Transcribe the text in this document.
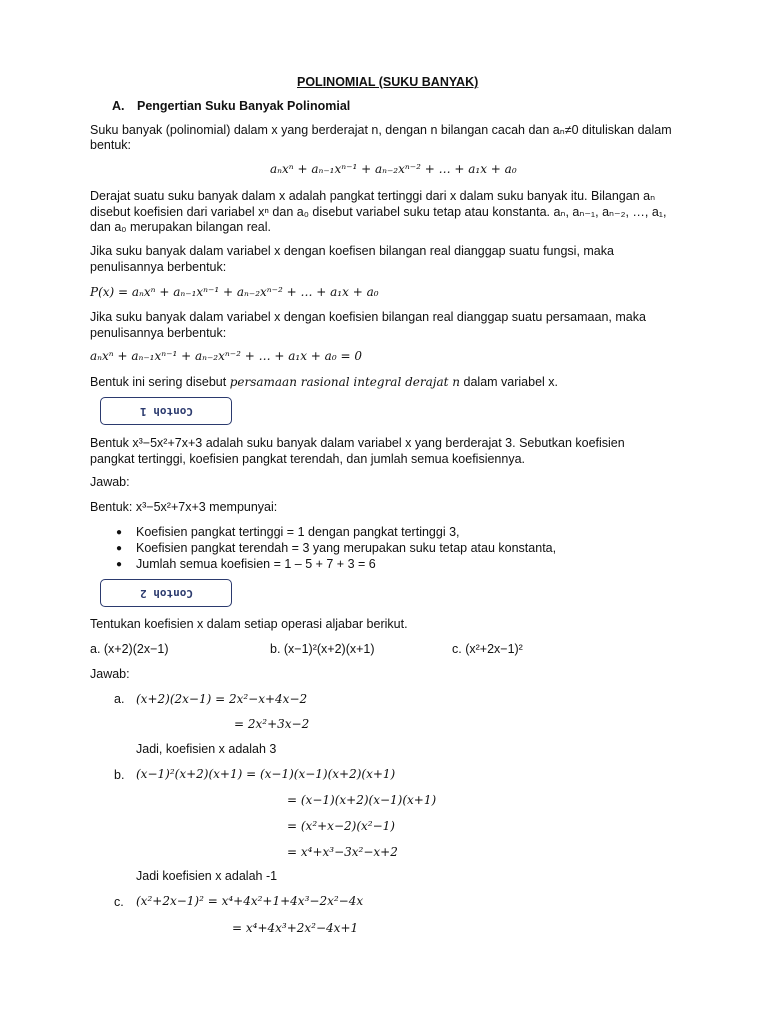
POLINOMIAL (SUKU BANYAK)
A. Pengertian Suku Banyak Polinomial
Suku banyak (polinomial) dalam x yang berderajat n, dengan n bilangan cacah dan aₙ≠0 dituliskan dalam
bentuk:
aₙxⁿ + aₙ₋₁xⁿ⁻¹ + aₙ₋₂xⁿ⁻² + … + a₁x + a₀
Derajat suatu suku banyak dalam x adalah pangkat tertinggi dari x dalam suku banyak itu. Bilangan aₙ
disebut koefisien dari variabel xⁿ dan a₀ disebut variabel suku tetap atau konstanta. aₙ, aₙ₋₁, aₙ₋₂, …, a₁,
dan a₀ merupakan bilangan real.
Jika suku banyak dalam variabel x dengan koefisen bilangan real dianggap suatu fungsi, maka
penulisannya berbentuk:
P(x) = aₙxⁿ + aₙ₋₁xⁿ⁻¹ + aₙ₋₂xⁿ⁻² + … + a₁x + a₀
Jika suku banyak dalam variabel x dengan koefisien bilangan real dianggap suatu persamaan, maka
penulisannya berbentuk:
aₙxⁿ + aₙ₋₁xⁿ⁻¹ + aₙ₋₂xⁿ⁻² + … + a₁x + a₀ = 0
Bentuk ini sering disebut persamaan rasional integral derajat n dalam variabel x.
Contoh 1
Bentuk x³−5x²+7x+3 adalah suku banyak dalam variabel x yang berderajat 3. Sebutkan koefisien
pangkat tertinggi, koefisien pangkat terendah, dan jumlah semua koefisiennya.
Jawab:
Bentuk: x³−5x²+7x+3 mempunyai:
● Koefisien pangkat tertinggi = 1 dengan pangkat tertinggi 3,
● Koefisien pangkat terendah = 3 yang merupakan suku tetap atau konstanta,
● Jumlah semua koefisien = 1 – 5 + 7 + 3 = 6
Contoh 2
Tentukan koefisien x dalam setiap operasi aljabar berikut.
a. (x+2)(2x−1)	b. (x−1)²(x+2)(x+1)	c. (x²+2x−1)²
Jawab:
a. (x+2)(2x−1) = 2x²−x+4x−2
= 2x²+3x−2
Jadi, koefisien x adalah 3
b. (x−1)²(x+2)(x+1) = (x−1)(x−1)(x+2)(x+1)
= (x−1)(x+2)(x−1)(x+1)
= (x²+x−2)(x²−1)
= x⁴+x³−3x²−x+2
Jadi koefisien x adalah -1
c. (x²+2x−1)² = x⁴+4x²+1+4x³−2x²−4x
= x⁴+4x³+2x²−4x+1
